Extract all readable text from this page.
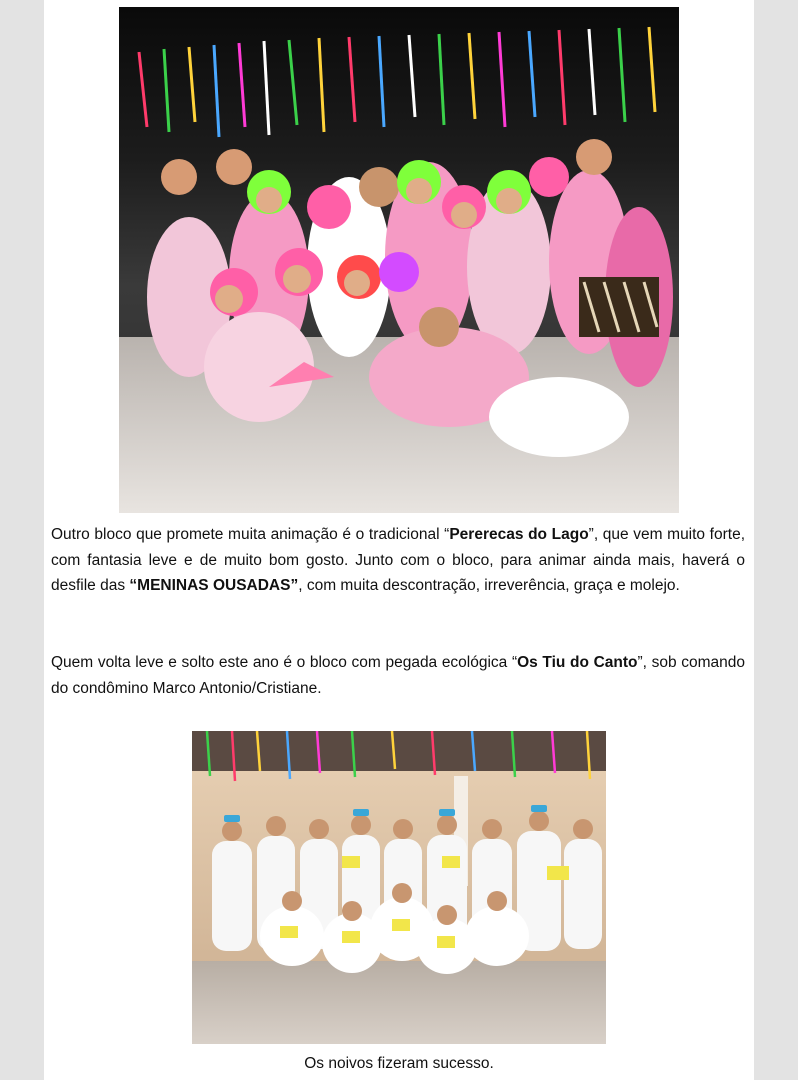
Outro bloco que promete muita animação é o tradicional “Pererecas do Lago”, que vem muito forte, com fantasia leve e de muito bom gosto. Junto com o bloco, para animar ainda mais, haverá o desfile das “MENINAS OUSADAS”, com muita descontração, irreverência, graça e molejo.

Quem volta leve e solto este ano é o bloco com pegada ecológica “Os Tiu do Canto”, sob comando do condômino Marco Antonio/Cristiane.

Os noivos fizeram sucesso.
